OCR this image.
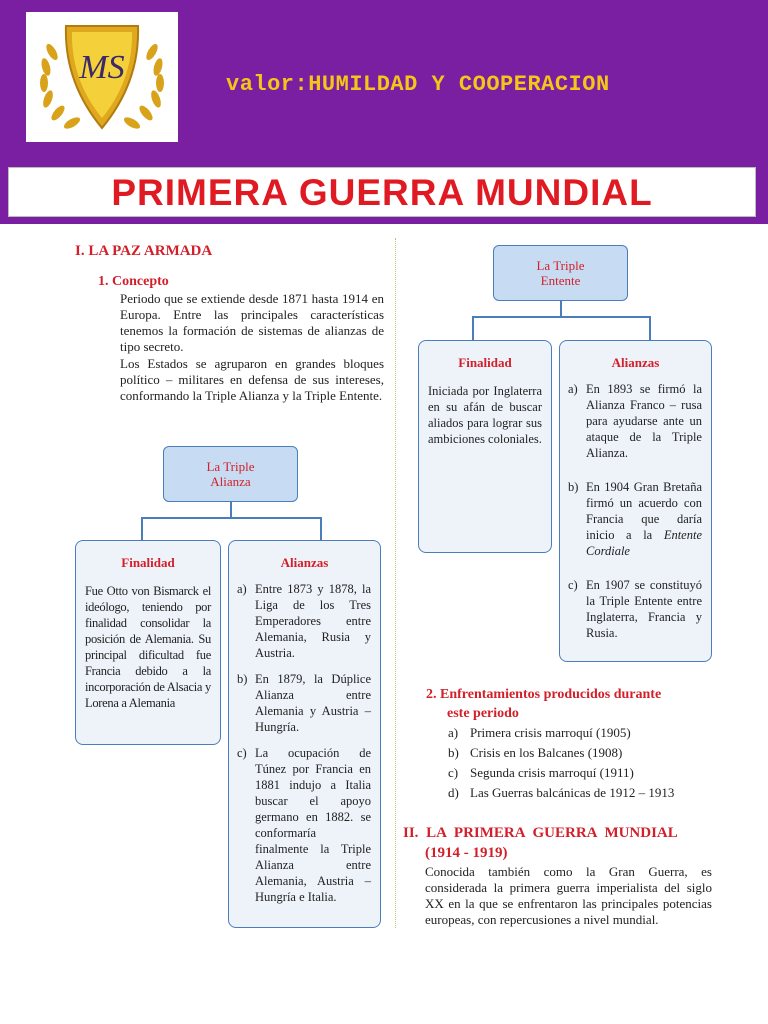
MS	valor:HUMILDAD Y COOPERACION
PRIMERA GUERRA MUNDIAL
I. LA PAZ ARMADA
1. Concepto
Periodo que se extiende desde 1871 hasta 1914 en Europa. Entre las principales características tenemos la formación de sistemas de alianzas de tipo secreto.
Los Estados se agruparon en grandes bloques político – militares en defensa de sus intereses, conformando la Triple Alianza y la Triple Entente.
La Triple Alianza
Finalidad
Fue Otto von Bismarck el ideólogo, teniendo por finalidad consolidar la posición de Alemania. Su principal dificultad fue Francia debido a la incorporación de Alsacia y Lorena a Alemania
Alianzas
a) Entre 1873 y 1878, la Liga de los Tres Emperadores entre Alemania, Rusia y Austria.
b) En 1879, la Dúplice Alianza entre Alemania y Austria – Hungría.
c) La ocupación de Túnez por Francia en 1881 indujo a Italia buscar el apoyo germano en 1882. se conformaría finalmente la Triple Alianza entre Alemania, Austria – Hungría e Italia.
La Triple Entente
Finalidad
Iniciada por Inglaterra en su afán de buscar aliados para lograr sus ambiciones coloniales.
Alianzas
a) En 1893 se firmó la Alianza Franco – rusa para ayudarse ante un ataque de la Triple Alianza.
b) En 1904 Gran Bretaña firmó un acuerdo con Francia que daría inicio a la Entente Cordiale
c) En 1907 se constituyó la Triple Entente entre Inglaterra, Francia y Rusia.
2. Enfrentamientos producidos durante
este periodo
a) Primera crisis marroquí (1905)
b) Crisis en los Balcanes (1908)
c) Segunda crisis marroquí (1911)
d) Las Guerras balcánicas de 1912 – 1913
II. LA PRIMERA GUERRA MUNDIAL
(1914 - 1919)
Conocida también como la Gran Guerra, es considerada la primera guerra imperialista del siglo XX en la que se enfrentaron las principales potencias europeas, con repercusiones a nivel mundial.
